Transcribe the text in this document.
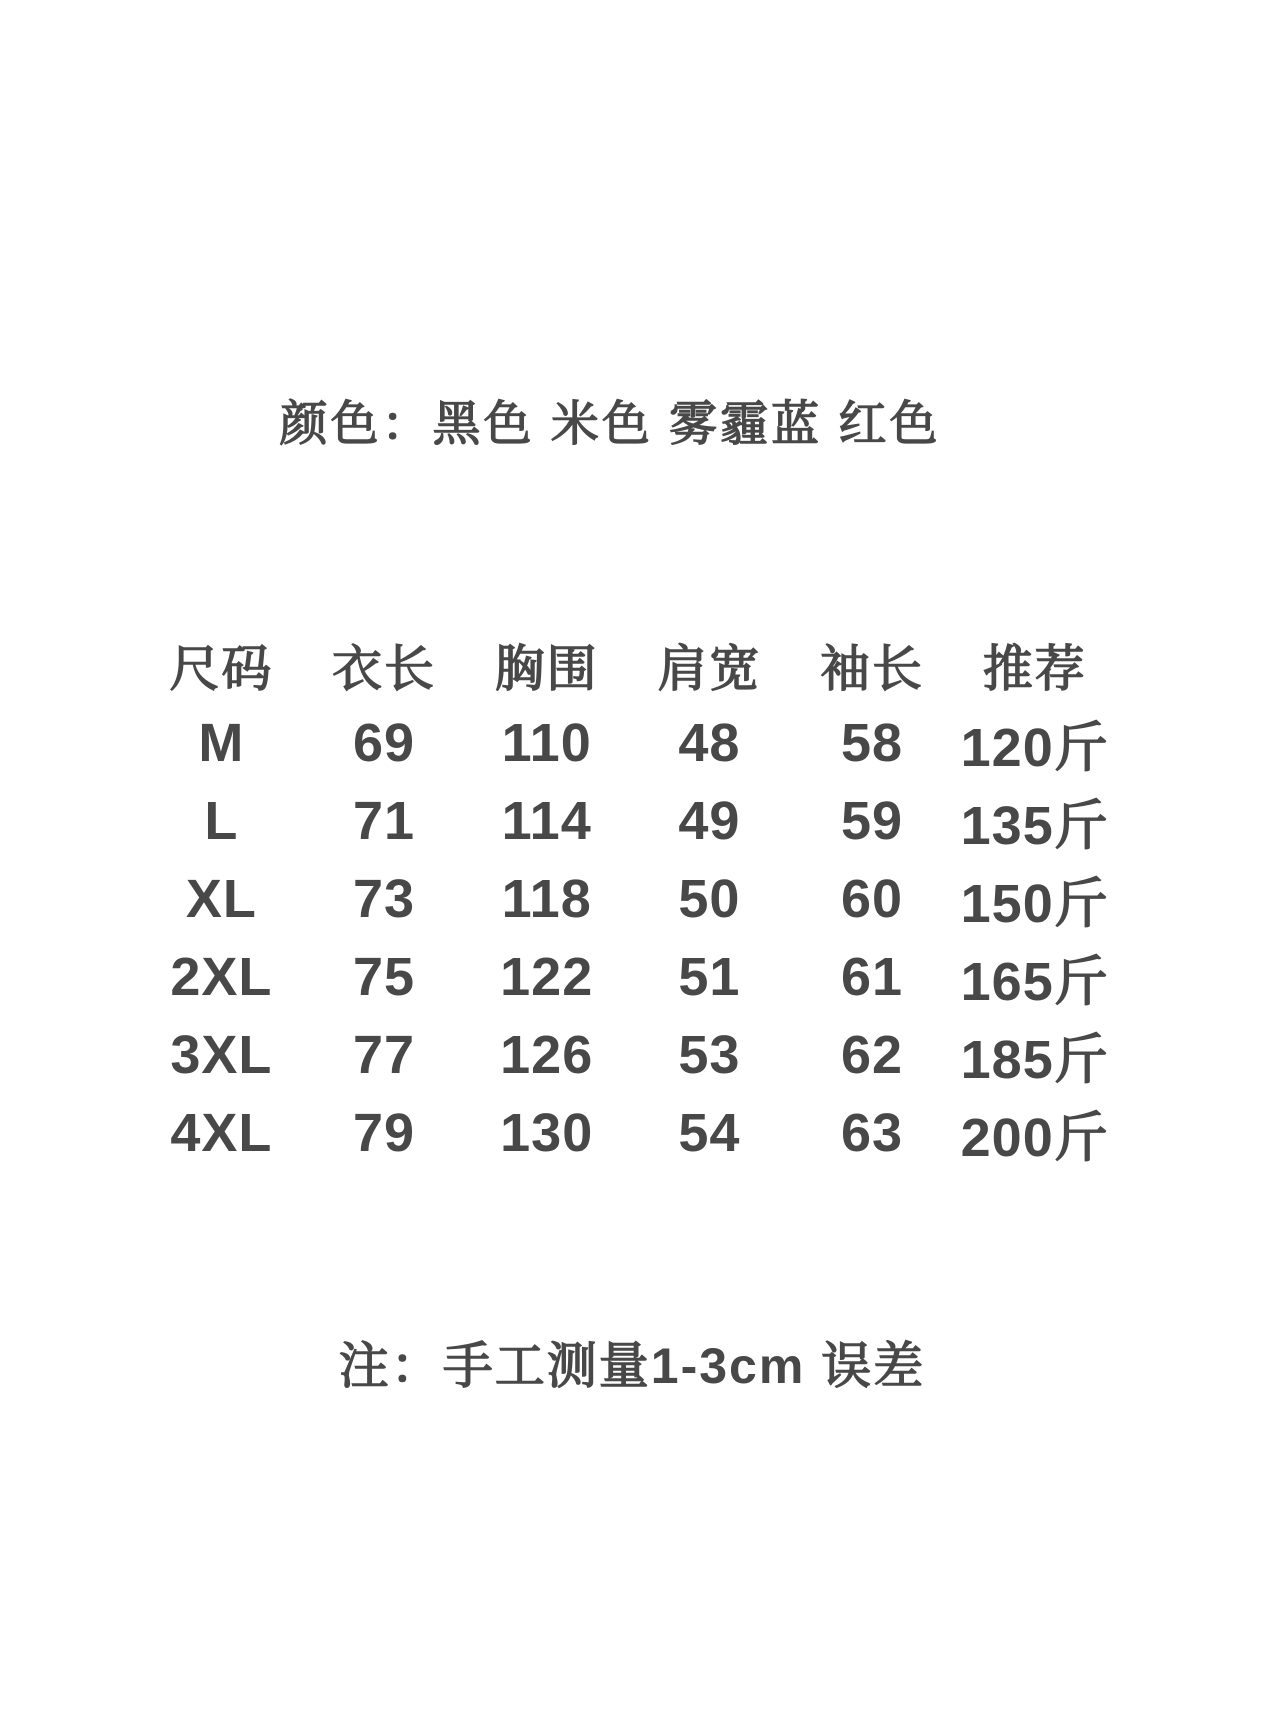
颜色：黑色 米色 雾霾蓝 红色
尺码	衣长	胸围	肩宽	袖长	推荐
M	69	110	48	58	120斤
L	71	114	49	59	135斤
XL	73	118	50	60	150斤
2XL	75	122	51	61	165斤
3XL	77	126	53	62	185斤
4XL	79	130	54	63	200斤
注：手工测量1-3cm 误差
